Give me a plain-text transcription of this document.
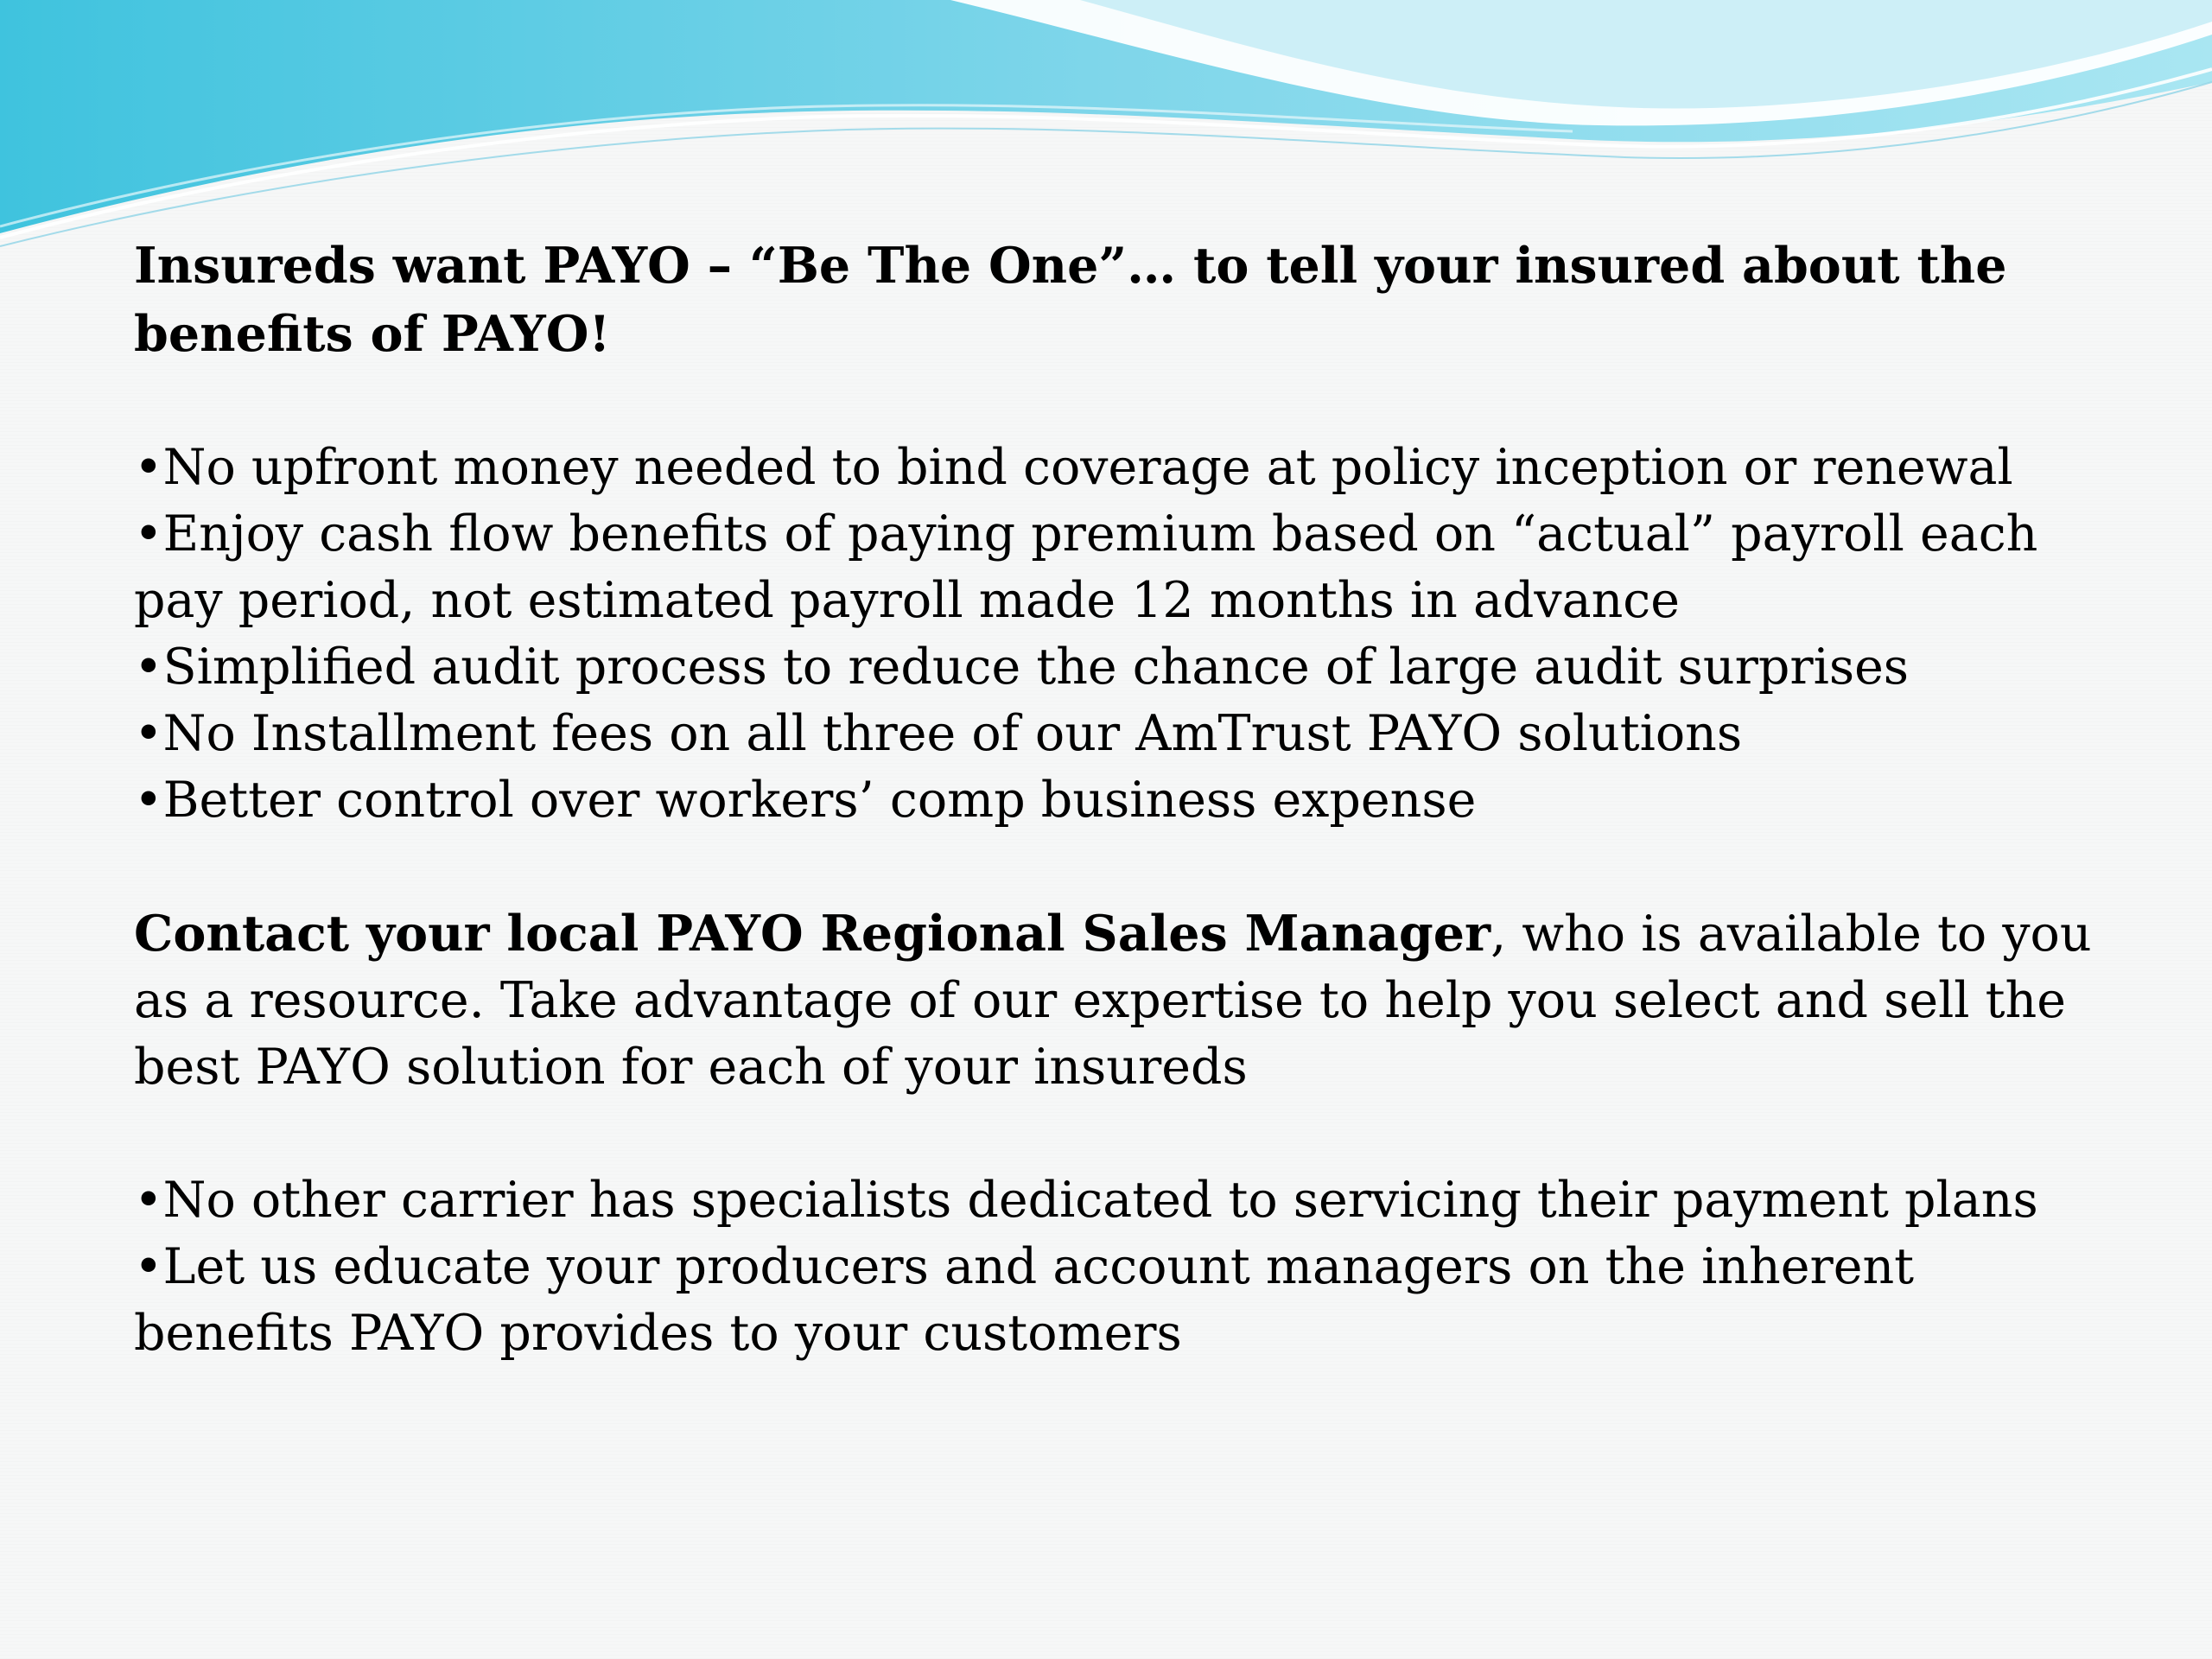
Insureds want PAYO – “Be The One”… to tell your insured about the benefits of PAYO!

•No upfront money needed to bind coverage at policy inception or renewal
•Enjoy cash flow benefits of paying premium based on “actual” payroll each pay period, not estimated payroll made 12 months in advance
•Simplified audit process to reduce the chance of large audit surprises
•No Installment fees on all three of our AmTrust PAYO solutions
•Better control over workers’ comp business expense

Contact your local PAYO Regional Sales Manager, who is available to you as a resource. Take advantage of our expertise to help you select and sell the best PAYO solution for each of your insureds

•No other carrier has specialists dedicated to servicing their payment plans
•Let us educate your producers and account managers on the inherent benefits PAYO provides to your customers
